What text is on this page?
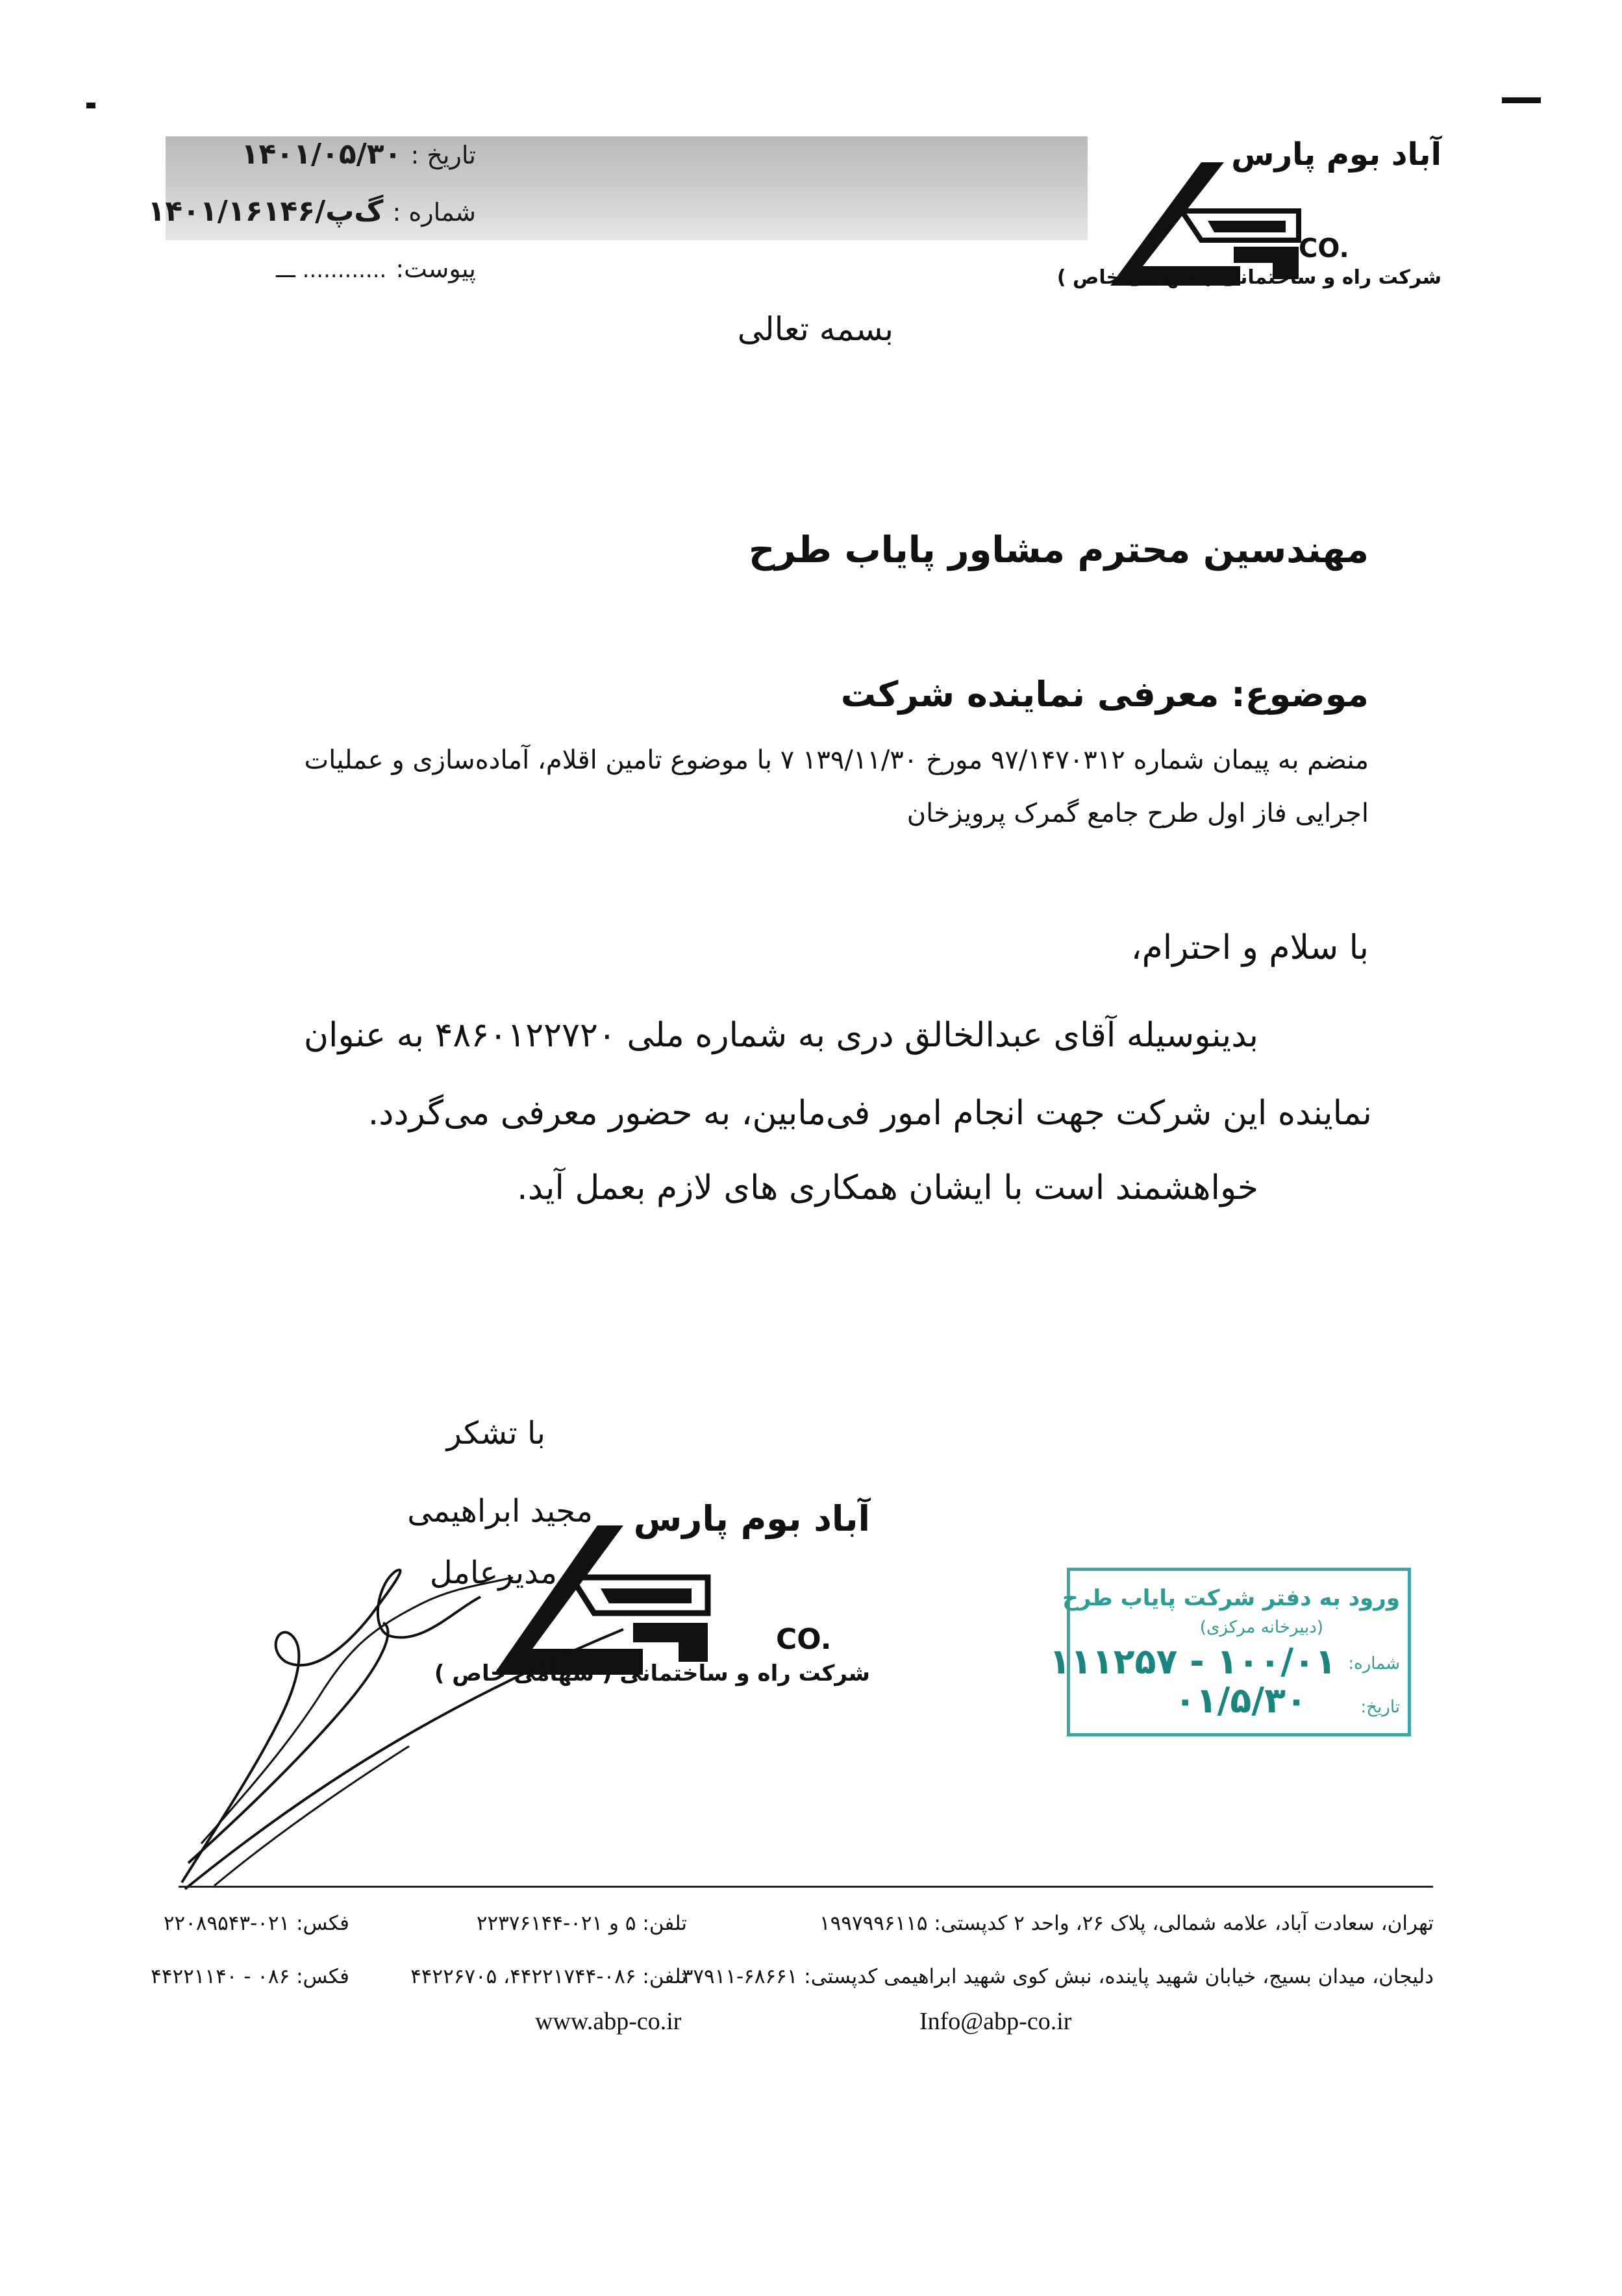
تاریخ :۱۴۰۱/۰۵/۳۰
شماره :۱۴۰۱/۱۶۱۴۶/گ‌پ
پیوست:............ ـــ
آباد بوم پارس
CO.
شرکت راه و ساختمانی ( سهامی خاص )
بسمه تعالی
مهندسین محترم مشاور پایاب طرح
موضوع: معرفی نماینده شرکت
منضم به پیمان شماره ۹۷/۱۴۷۰۳۱۲ مورخ ۱۳۹/۱۱/۳۰ ۷ با موضوع تامین اقلام، آماده‌سازی و عملیات
اجرایی فاز اول طرح جامع گمرک پرویزخان
با سلام و احترام،
بدینوسیله آقای عبدالخالق دری به شماره ملی ۴۸۶۰۱۲۲۷۲۰ به عنوان
نماینده این شرکت جهت انجام امور فی‌مابین، به حضور معرفی می‌گردد.
خواهشمند است با ایشان همکاری های لازم بعمل آید.
با تشکر
مجید ابراهیمی
مدیرعامل
آباد بوم پارس
CO.
شرکت راه و ساختمانی ( سهامی خاص )
ورود به دفتر شرکت پایاب طرح
(دبیرخانه مرکزی)
شماره:
۱۰۰/۰۱ - ۱۱۱۲۵۷
تاریخ:
۰۱/۵/۳۰
تهران، سعادت آباد، علامه شمالی، پلاک ۲۶، واحد ۲ کدپستی: ۱۹۹۷۹۹۶۱۱۵
تلفن: ۵ و ۰۲۱-۲۲۳۷۶۱۴۴
فکس: ۰۲۱-۲۲۰۸۹۵۴۳
دلیجان، میدان بسیج، خیابان شهید پاینده، نبش کوی شهید ابراهیمی کدپستی: ۶۸۶۶۱-۳۷۹۱۱
تلفن: ۰۸۶-۴۴۲۲۱۷۴۴، ۴۴۲۲۶۷۰۵
فکس: ۰۸۶ - ۴۴۲۲۱۱۴۰
www.abp-co.ir	Info@abp-co.ir
